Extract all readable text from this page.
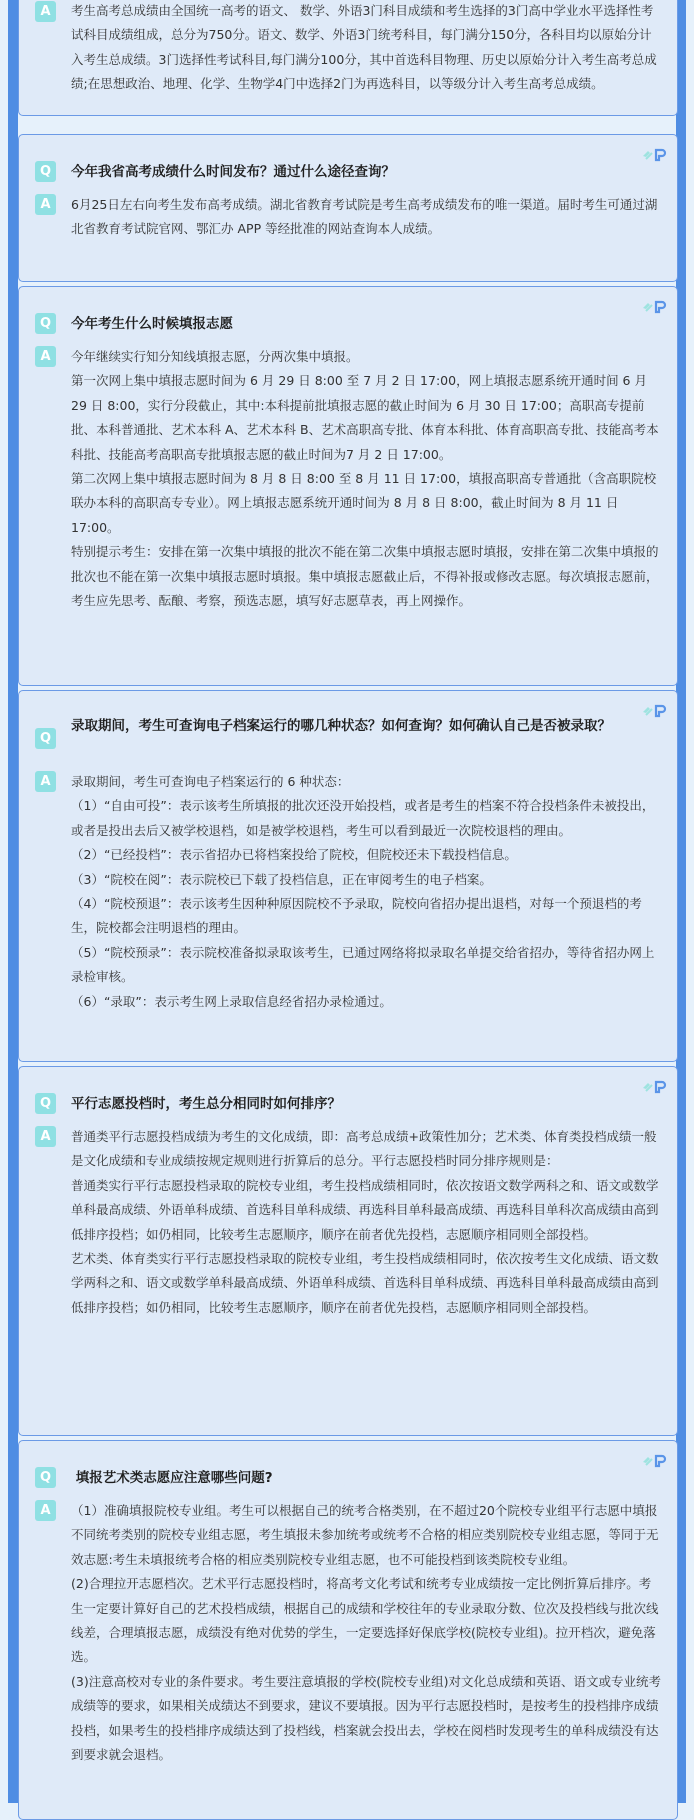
A	考生高考总成绩由全国统一高考的语文、 数学、外语3门科目成绩和考生选择的3门高中学业水平选择性考试科目成绩组成，总分为750分。语文、数学、外语3门统考科目，每门满分150分，各科目均以原始分计入考生总成绩。3门选择性考试科目,每门满分100分，其中首选科目物理、历史以原始分计入考生高考总成绩;在思想政治、地理、化学、生物学4门中选择2门为再选科目，以等级分计入考生高考总成绩。

Q	今年我省高考成绩什么时间发布？通过什么途径查询？
A	6月25日左右向考生发布高考成绩。湖北省教育考试院是考生高考成绩发布的唯一渠道。届时考生可通过湖北省教育考试院官网、鄂汇办 APP 等经批准的网站查询本人成绩。

Q	今年考生什么时候填报志愿
A	今年继续实行知分知线填报志愿，分两次集中填报。

第一次网上集中填报志愿时间为 6 月 29 日 8:00 至 7 月 2 日 17:00，网上填报志愿系统开通时间 6 月 29 日 8:00，实行分段截止，其中:本科提前批填报志愿的截止时间为 6 月 30 日 17:00；高职高专提前批、本科普通批、艺术本科 A、艺术本科 B、艺术高职高专批、体育本科批、体育高职高专批、技能高考本科批、技能高考高职高专批填报志愿的截止时间为7 月 2 日 17:00。

第二次网上集中填报志愿时间为 8 月 8 日 8:00 至 8 月 11 日 17:00，填报高职高专普通批（含高职院校联办本科的高职高专专业）。网上填报志愿系统开通时间为 8 月 8 日 8:00，截止时间为 8 月 11 日 17:00。

特别提示考生：安排在第一次集中填报的批次不能在第二次集中填报志愿时填报，安排在第二次集中填报的批次也不能在第一次集中填报志愿时填报。集中填报志愿截止后，不得补报或修改志愿。每次填报志愿前，考生应先思考、酝酿、考察，预选志愿，填写好志愿草表，再上网操作。

Q
录取期间，考生可查询电子档案运行的哪几种状态？如何查询？如何确认自己是否被录取？
A	录取期间，考生可查询电子档案运行的 6 种状态：

（1）“自由可投”：表示该考生所填报的批次还没开始投档，或者是考生的档案不符合投档条件未被投出，或者是投出去后又被学校退档，如是被学校退档，考生可以看到最近一次院校退档的理由。

（2）“已经投档”：表示省招办已将档案投给了院校，但院校还未下载投档信息。

（3）“院校在阅”：表示院校已下载了投档信息，正在审阅考生的电子档案。

（4）“院校预退”：表示该考生因种种原因院校不予录取，院校向省招办提出退档，对每一个预退档的考生，院校都会注明退档的理由。

（5）“院校预录”：表示院校准备拟录取该考生，已通过网络将拟录取名单提交给省招办，等待省招办网上录检审核。

（6）“录取”：表示考生网上录取信息经省招办录检通过。

Q	平行志愿投档时，考生总分相同时如何排序？
A	普通类平行志愿投档成绩为考生的文化成绩，即：高考总成绩+政策性加分；艺术类、体育类投档成绩一般是文化成绩和专业成绩按规定规则进行折算后的总分。平行志愿投档时同分排序规则是：

普通类实行平行志愿投档录取的院校专业组，考生投档成绩相同时，依次按语文数学两科之和、语文或数学单科最高成绩、外语单科成绩、首选科目单科成绩、再选科目单科最高成绩、再选科目单科次高成绩由高到低排序投档；如仍相同，比较考生志愿顺序，顺序在前者优先投档，志愿顺序相同则全部投档。

艺术类、体育类实行平行志愿投档录取的院校专业组，考生投档成绩相同时，依次按考生文化成绩、语文数学两科之和、语文或数学单科最高成绩、外语单科成绩、首选科目单科成绩、再选科目单科最高成绩由高到低排序投档；如仍相同，比较考生志愿顺序，顺序在前者优先投档，志愿顺序相同则全部投档。

Q	填报艺术类志愿应注意哪些问题?
A	（1）准确填报院校专业组。考生可以根据自己的统考合格类别，在不超过20个院校专业组平行志愿中填报不同统考类别的院校专业组志愿，考生填报未参加统考或统考不合格的相应类别院校专业组志愿，等同于无效志愿:考生未填报统考合格的相应类别院校专业组志愿，也不可能投档到该类院校专业组。

(2)合理拉开志愿档次。艺术平行志愿投档时，将高考文化考试和统考专业成绩按一定比例折算后排序。考生一定要计算好自己的艺术投档成绩，根据自己的成绩和学校往年的专业录取分数、位次及投档线与批次线线差，合理填报志愿，成绩没有绝对优势的学生，一定要选择好保底学校(院校专业组)。拉开档次，避免落选。

(3)注意高校对专业的条件要求。考生要注意填报的学校(院校专业组)对文化总成绩和英语、语文或专业统考成绩等的要求，如果相关成绩达不到要求，建议不要填报。因为平行志愿投档时，是按考生的投档排序成绩投档，如果考生的投档排序成绩达到了投档线，档案就会投出去，学校在阅档时发现考生的单科成绩没有达到要求就会退档。
